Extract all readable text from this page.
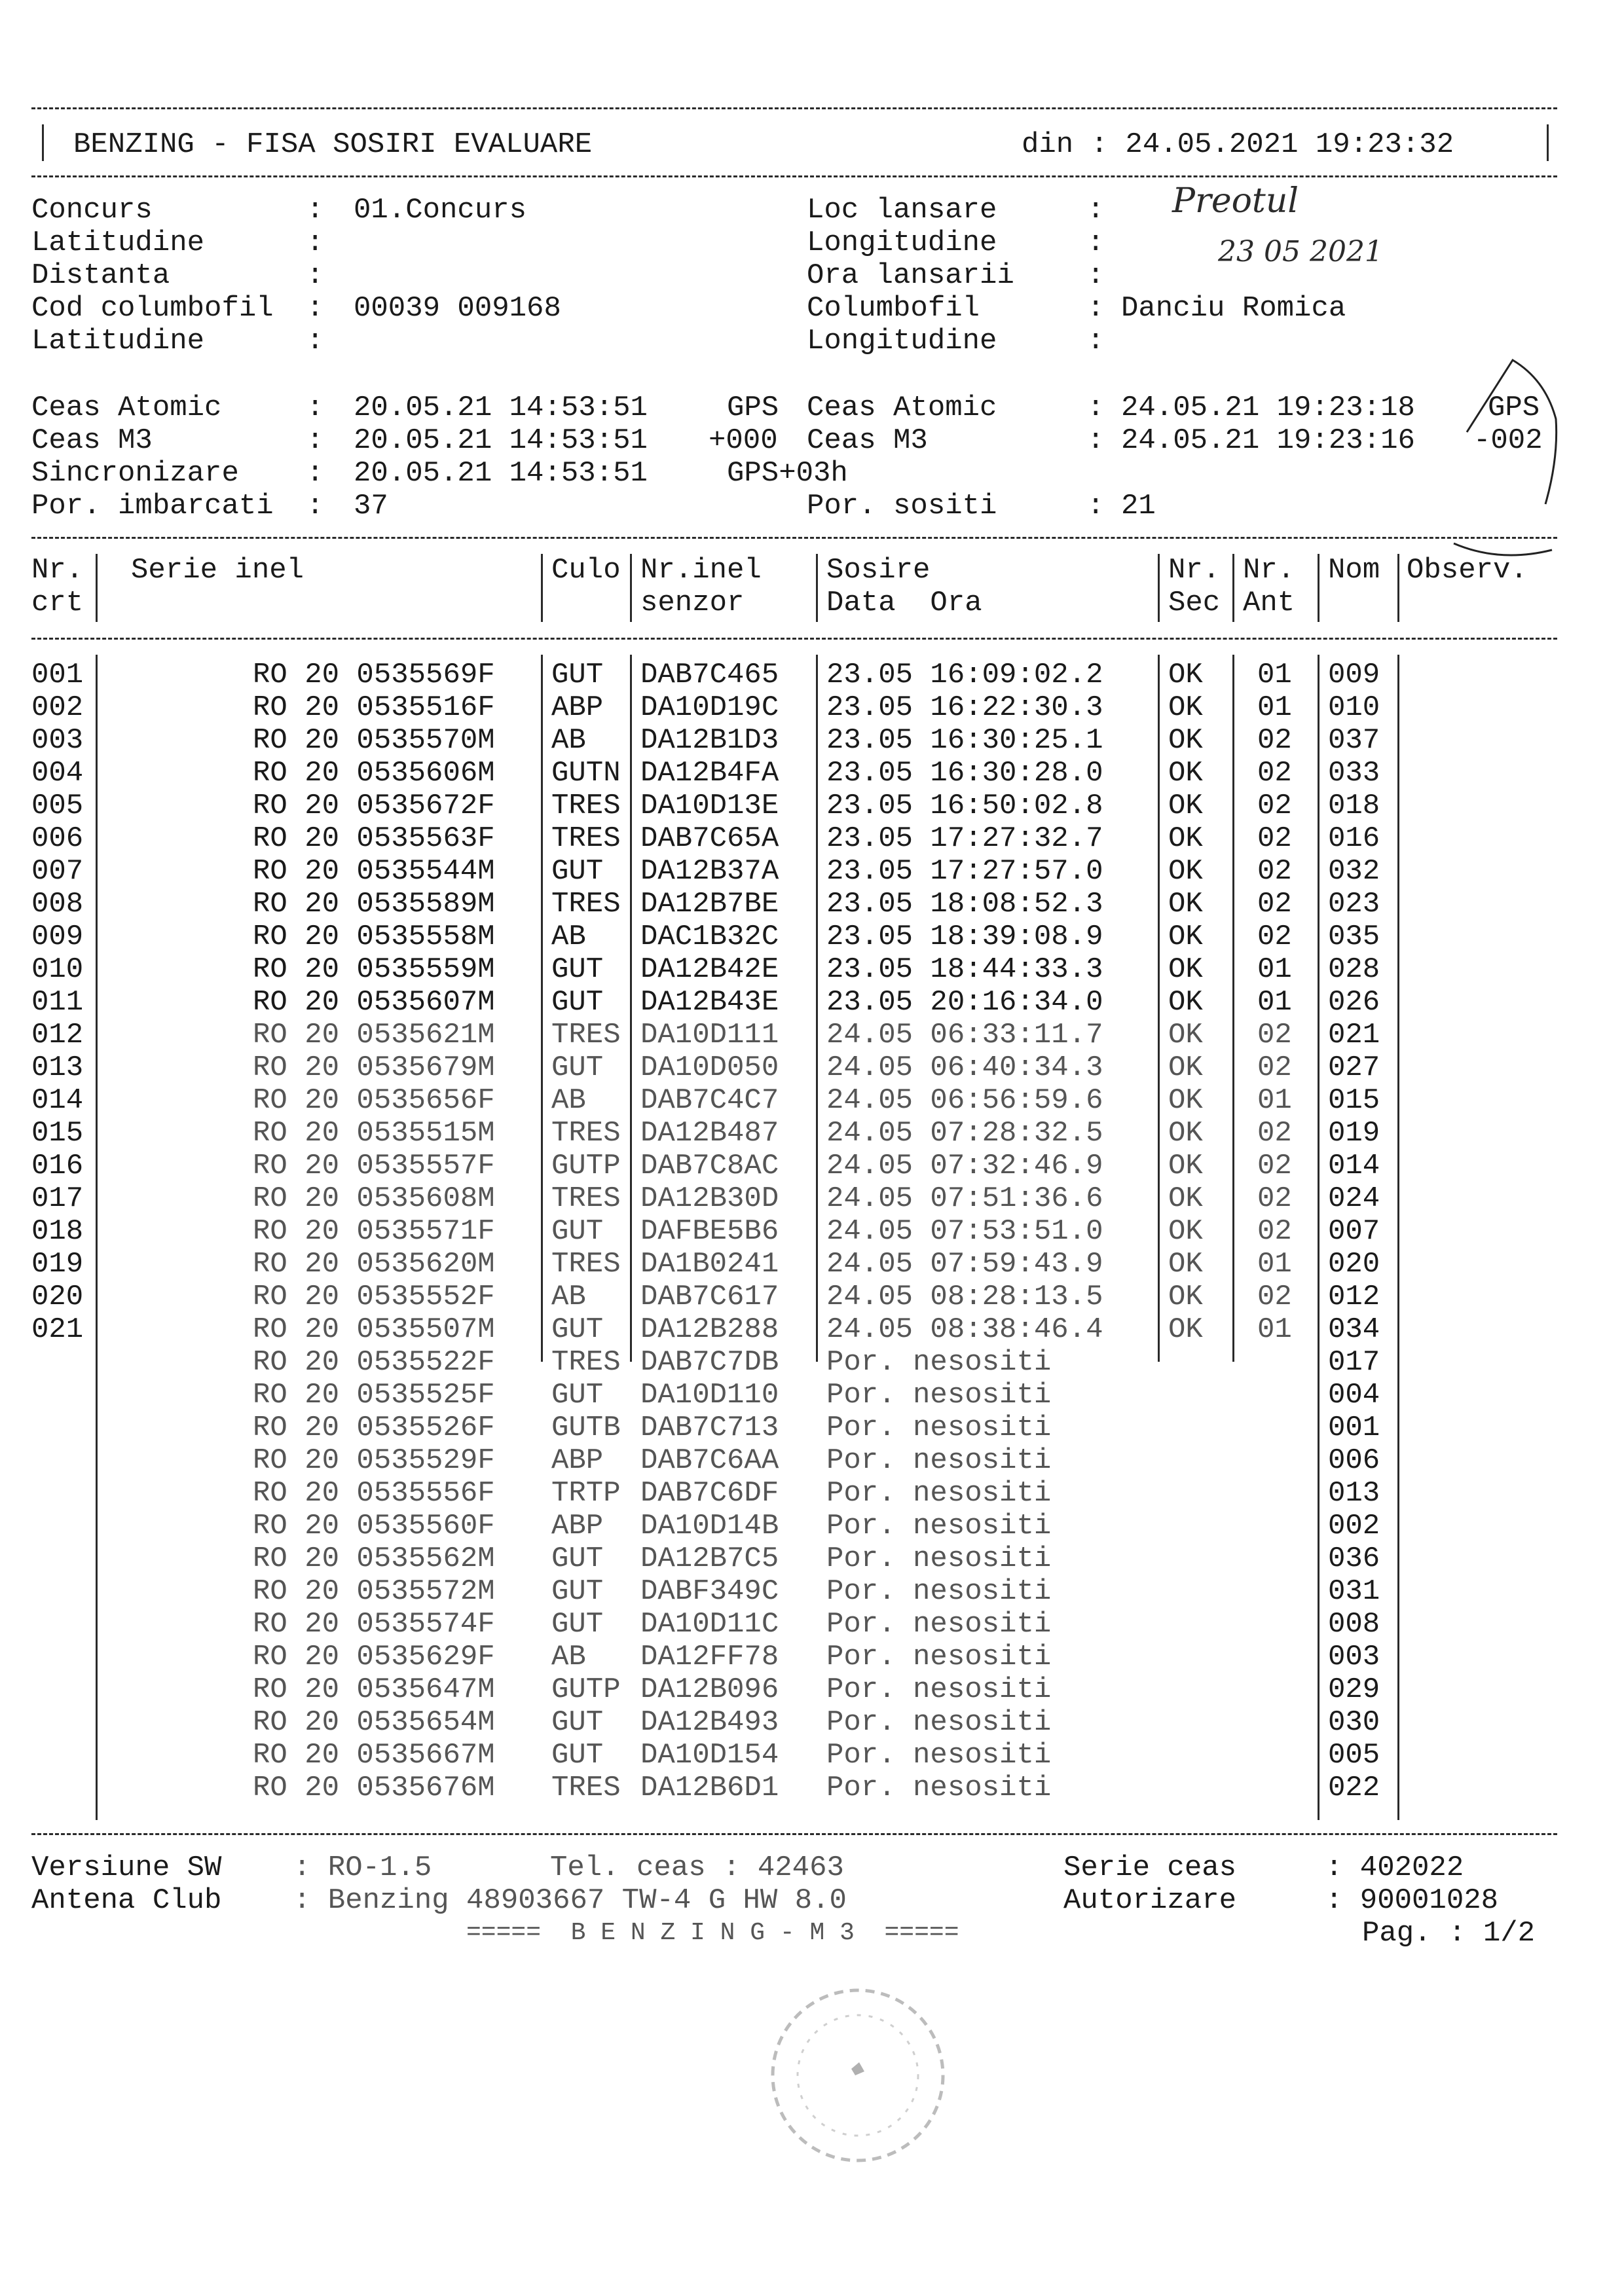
BENZING - FISA SOSIRI EVALUARE	din : 24.05.2021 19:23:32
Concurs	: 01.Concurs
Latitudine	:
Distanta	:
Cod columbofil : 00039 009168
Latitudine	:
Loc lansare	:
Longitudine	:
Ora lansarii	:
Columbofil	: Danciu Romica
Longitudine	:
Preotul
23 05 2021
Ceas Atomic	: 20.05.21 14:53:51	GPS
Ceas M3	: 20.05.21 14:53:51 +000
Sincronizare : 20.05.21 14:53:51	GPS+03h
Por. imbarcati : 37
Ceas Atomic	: 24.05.21 19:23:18	GPS
Ceas M3	: 24.05.21 19:23:16 -002
Por. sositi	: 21
Nr.
crt
Serie inel	Culo Nr.inel
senzor
Sosire
Data  Ora
Nr.
Sec
Nr.
Ant
Nom Observ.
001	RO 20 0535569F GUT DAB7C465 23.05 16:09:02.2 OK 01 009
002	RO 20 0535516F ABP DA10D19C 23.05 16:22:30.3 OK 01 010
003	RO 20 0535570M AB DA12B1D3 23.05 16:30:25.1 OK 02 037
004	RO 20 0535606M GUTN DA12B4FA 23.05 16:30:28.0 OK 02 033
005	RO 20 0535672F TRES DA10D13E 23.05 16:50:02.8 OK 02 018
006	RO 20 0535563F TRES DAB7C65A 23.05 17:27:32.7 OK 02 016
007	RO 20 0535544M GUT DA12B37A 23.05 17:27:57.0 OK 02 032
008	RO 20 0535589M TRES DA12B7BE 23.05 18:08:52.3 OK 02 023
009	RO 20 0535558M AB DAC1B32C 23.05 18:39:08.9 OK 02 035
010	RO 20 0535559M GUT DA12B42E 23.05 18:44:33.3 OK 01 028
011	RO 20 0535607M GUT DA12B43E 23.05 20:16:34.0 OK 01 026
012	RO 20 0535621M TRES DA10D111 24.05 06:33:11.7 OK 02 021
013	RO 20 0535679M GUT DA10D050 24.05 06:40:34.3 OK 02 027
014	RO 20 0535656F AB DAB7C4C7 24.05 06:56:59.6 OK 01 015
015	RO 20 0535515M TRES DA12B487 24.05 07:28:32.5 OK 02 019
016	RO 20 0535557F GUTP DAB7C8AC 24.05 07:32:46.9 OK 02 014
017	RO 20 0535608M TRES DA12B30D 24.05 07:51:36.6 OK 02 024
018	RO 20 0535571F GUT DAFBE5B6 24.05 07:53:51.0 OK 02 007
019	RO 20 0535620M TRES DA1B0241 24.05 07:59:43.9 OK 01 020
020	RO 20 0535552F AB DAB7C617 24.05 08:28:13.5 OK 02 012
021	RO 20 0535507M GUT DA12B288 24.05 08:38:46.4 OK 01 034
RO 20 0535522F TRES DAB7C7DB Por. nesositi	017
RO 20 0535525F GUT DA10D110 Por. nesositi	004
RO 20 0535526F GUTB DAB7C713 Por. nesositi	001
RO 20 0535529F ABP DAB7C6AA Por. nesositi	006
RO 20 0535556F TRTP DAB7C6DF Por. nesositi	013
RO 20 0535560F ABP DA10D14B Por. nesositi	002
RO 20 0535562M GUT DA12B7C5 Por. nesositi	036
RO 20 0535572M GUT DABF349C Por. nesositi	031
RO 20 0535574F GUT DA10D11C Por. nesositi	008
RO 20 0535629F AB DA12FF78 Por. nesositi	003
RO 20 0535647M GUTP DA12B096 Por. nesositi	029
RO 20 0535654M GUT DA12B493 Por. nesositi	030
RO 20 0535667M GUT DA10D154 Por. nesositi	005
RO 20 0535676M TRES DA12B6D1 Por. nesositi	022
Versiune SW : RO-1.5	Tel. ceas : 42463	Serie ceas	: 402022
Antena Club : Benzing 48903667 TW-4 G HW 8.0	Autorizare	: 90001028
=====  B E N Z I N G - M 3  =====	Pag. : 1/2
